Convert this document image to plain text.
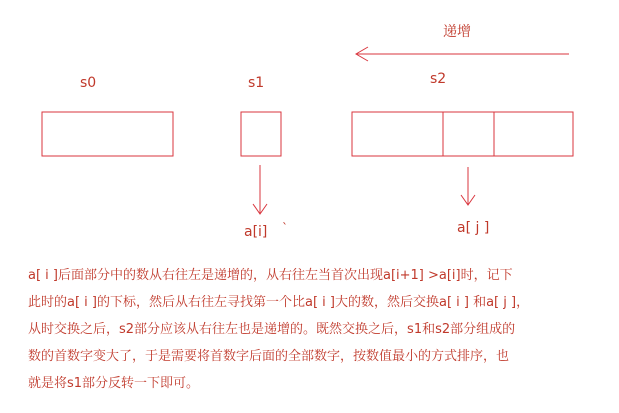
递增
s0	s1	s2
a[i] `	a[ j ]

a[ i ]后面部分中的数从右往左是递增的，从右往左当首次出现a[i+1] >a[i]时，记下
此时的a[ i ]的下标，然后从右往左寻找第一个比a[ i ]大的数，然后交换a[ i ] 和a[ j ]，
从时交换之后，s2部分应该从右往左也是递增的。既然交换之后，s1和s2部分组成的
数的首数字变大了，于是需要将首数字后面的全部数字，按数值最小的方式排序，也
就是将s1部分反转一下即可。
